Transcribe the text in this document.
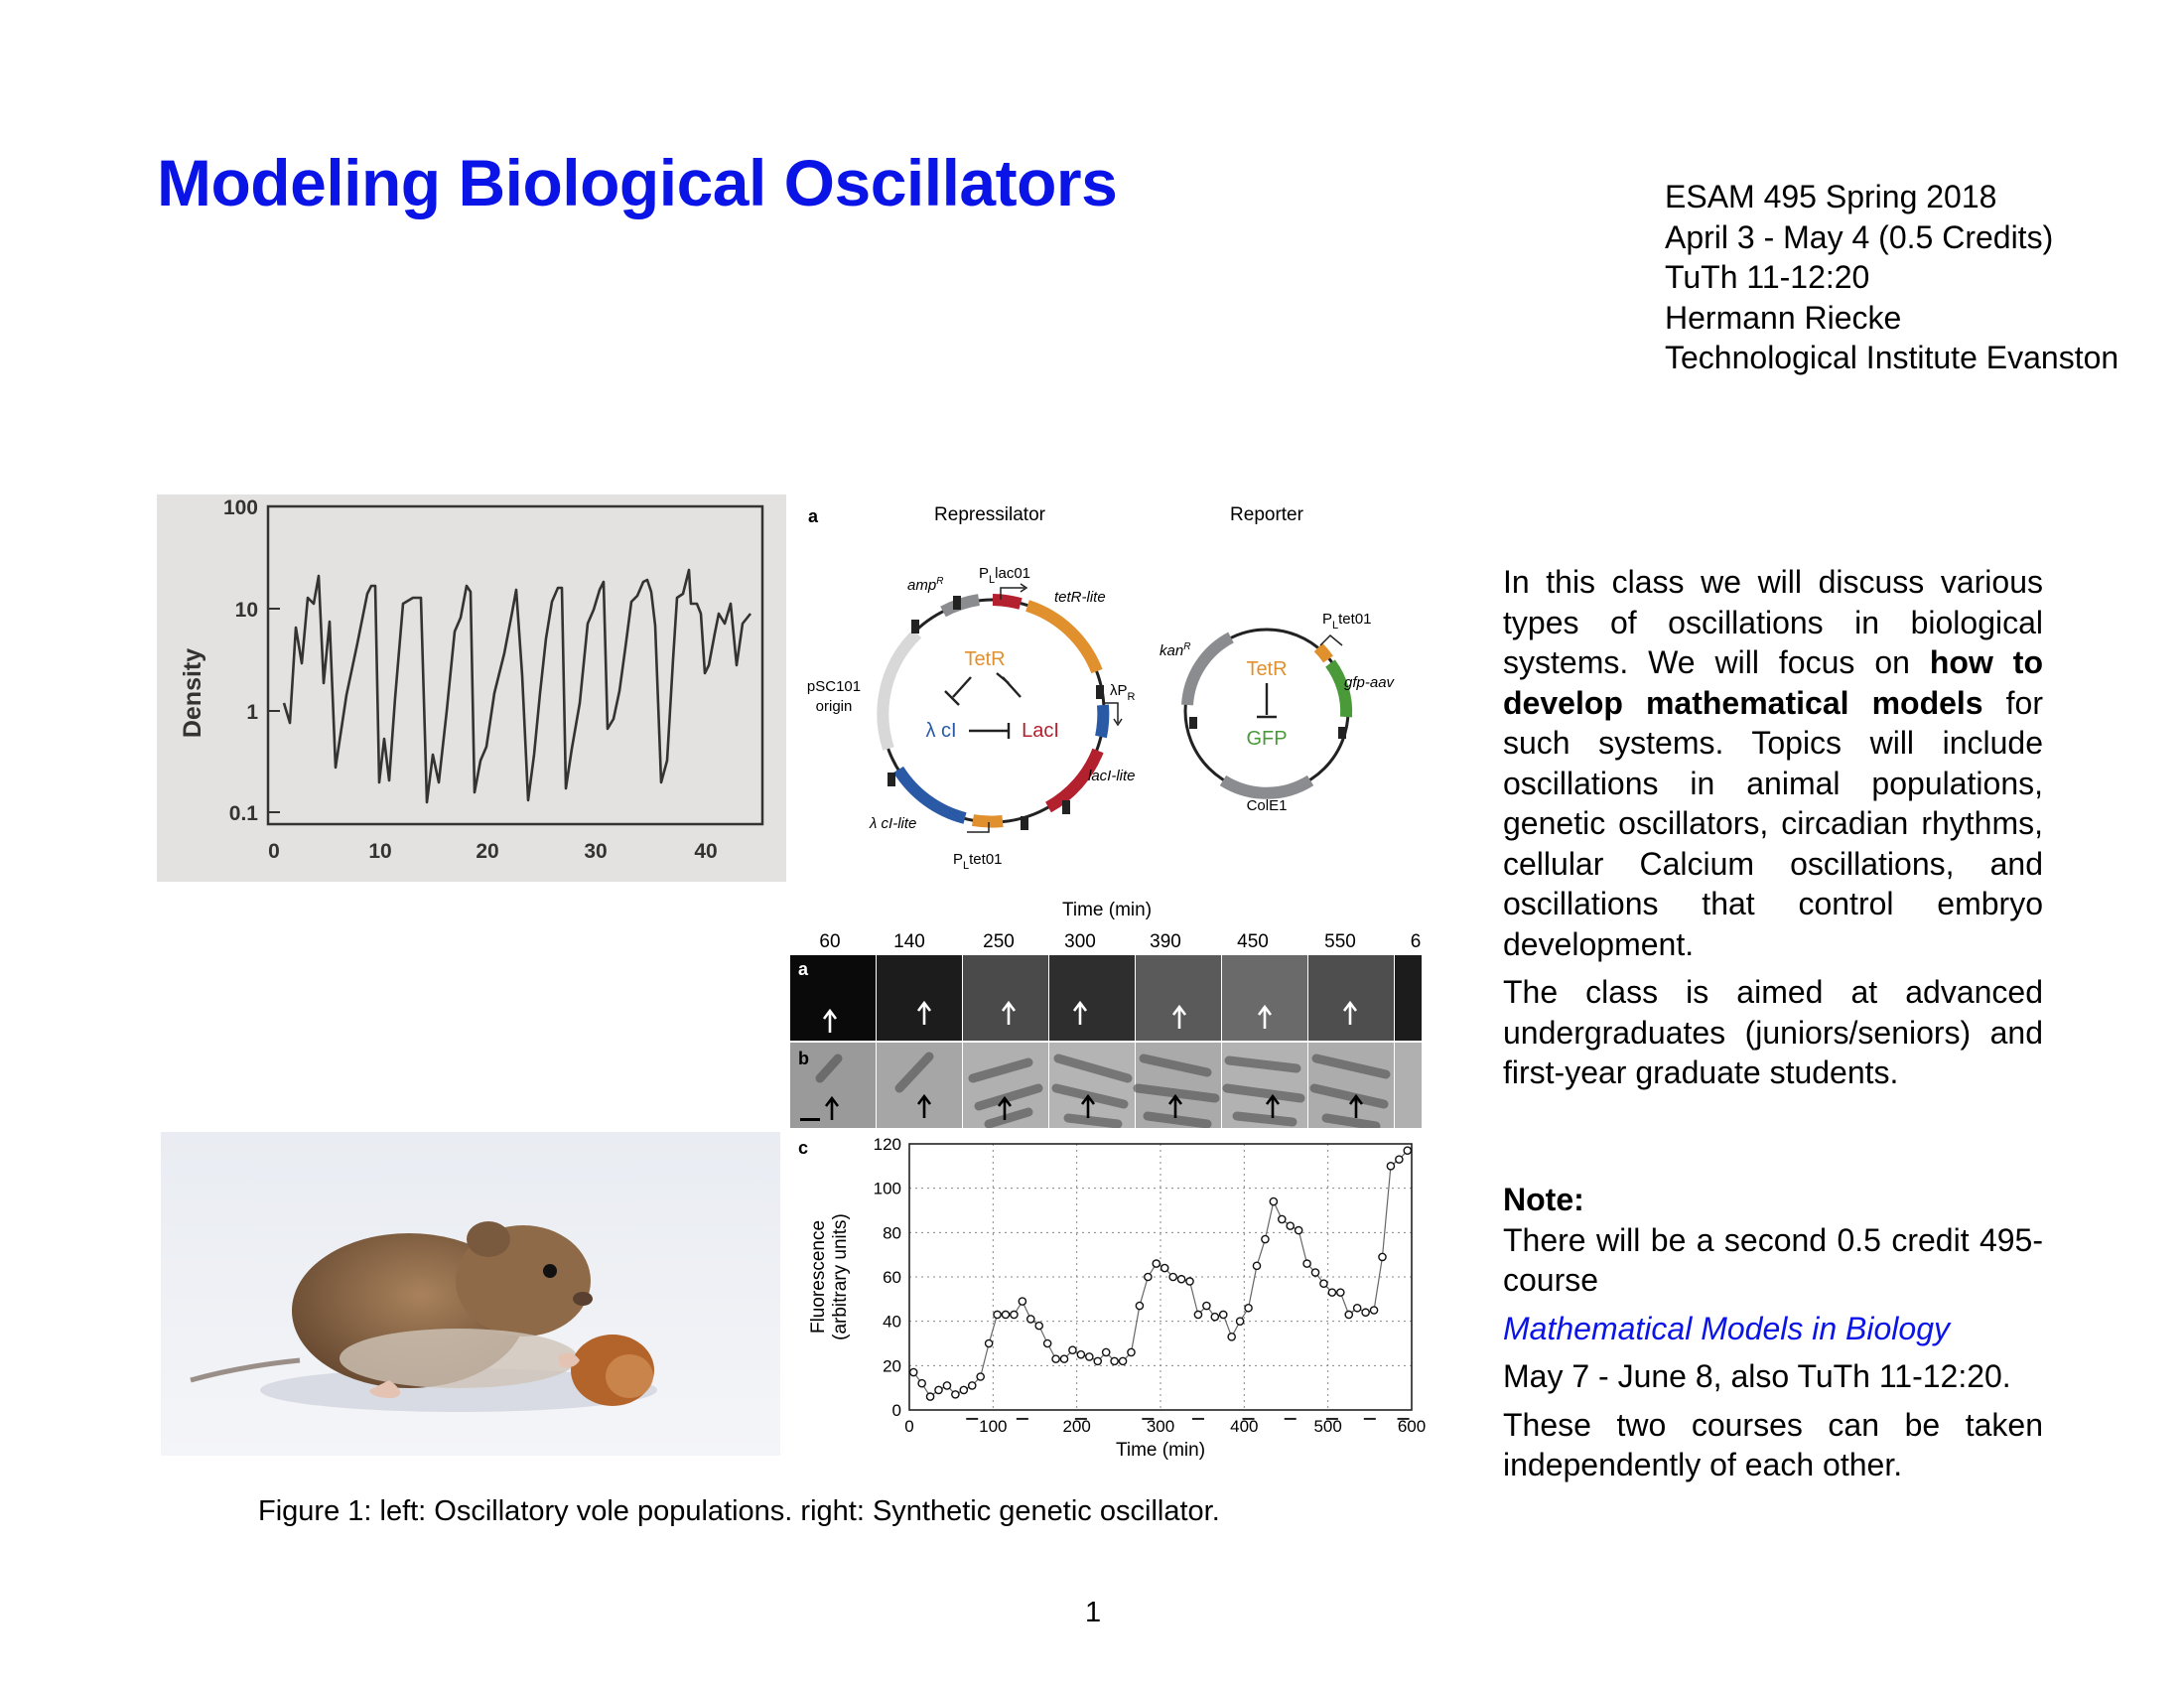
Modeling Biological Oscillators	ESAM 495 Spring 2018
April 3 - May 4 (0.5 Credits)
TuTh 11-12:20
Hermann Riecke
Technological Institute Evanston

In this class we will discuss various types of oscillations in biological systems. We will focus on how to develop mathematical models for such systems. Topics will include oscillations in animal populations, genetic oscillators, circadian rhythms, cellular Calcium oscillations, and oscillations that control embryo development.

The class is aimed at advanced undergraduates (juniors/seniors) and first-year graduate students.

Note:

There will be a second 0.5 credit 495-course

Mathematical Models in Biology

May 7 - June 8, also TuTh 11-12:20.

These two courses can be taken independently of each other.

Density
100
10
1
0.1
0	10	20	30	40
a	Repressilator	Reporter
$P_Llac01$
amp$^R$
tetR-lite
pSC101
origin
TetR
λ cI	LacI
$\lambda P_R$
lacI-lite
λ cI-lite
$P_Ltet01$
$P_Ltet01$
kan$^R$
TetR
GFP
gfp-aav
ColE1
Time (min)
60	140	250	300	390	450	550	6
a
b
c
0
20
40
60
80
100
120
0	100	200	300	400	500	600
Fluorescence (arbitrary units)
Time (min)
Figure 1: left: Oscillatory vole populations. right: Synthetic genetic oscillator.
1
